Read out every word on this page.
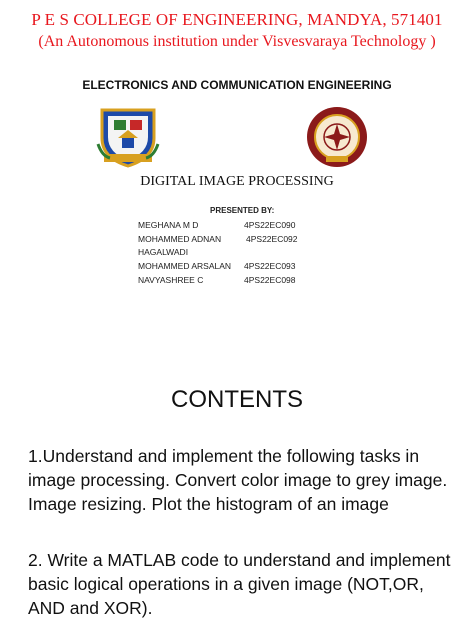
P E S COLLEGE OF ENGINEERING, MANDYA, 571401
(An Autonomous institution under Visvesvaraya Technology )
ELECTRONICS AND COMMUNICATION ENGINEERING
DIGITAL IMAGE PROCESSING
PRESENTED BY:
MEGHANA M D	4PS22EC090
MOHAMMED ADNAN	4PS22EC092
HAGALWADI
MOHAMMED ARSALAN 4PS22EC093
NAVYASHREE C	4PS22EC098
CONTENTS
1.Understand and implement the following tasks in image processing. Convert color image to grey image. Image resizing. Plot the histogram of an image
2. Write a MATLAB code to understand and implement basic logical operations in a given image (NOT,OR, AND and XOR).
